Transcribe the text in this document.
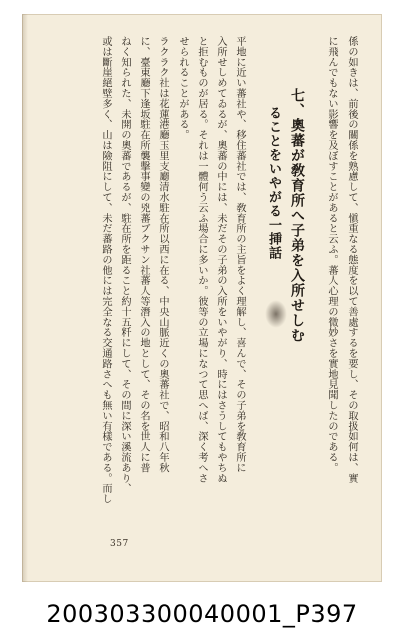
係の如きは、前後の關係を熟慮して、愼重なる態度を以て善處するを要し、その取扱如何は、實
に飛んでもない影響を及ぼすことがあると云ふ。蕃人心理の微妙さを實地見聞したのである。
七、奧蕃が敎育所へ子弟を入所せしむ
ることをいやがる一挿話
平地に近い蕃社や、移住蕃社では、敎育所の主旨をよく理解し、喜んで、その子弟を敎育所に
入所せしめてゐるが、奧蕃の中には、未だその子弟の入所をいやがり、時にはさうしてもやちぬ
と拒むものが居る。それは一體何う云ふ場合に多いか。彼等の立場になつて思へば、深く考へさ
せられることがある。
ラクラク社は花蓮港廳玉里支廳清水駐在所以西に在る、中央山脈近くの奧蕃社で、昭和八年秋
に、臺東廳下逢坂駐在所襲擊事變の兇蕃ブクサン社蕃人等潛入の地として、その名を世人に普
ねく知られた、未開の奧蕃であるが、駐在所を距ること約十五粁にして、その間に深い溪流あり、
或は斷崖絕壁多く、山は險阻にして、未だ蕃路の他には完全なる交通路さへも無い有樣である。而し
357
200303300040001_P397
